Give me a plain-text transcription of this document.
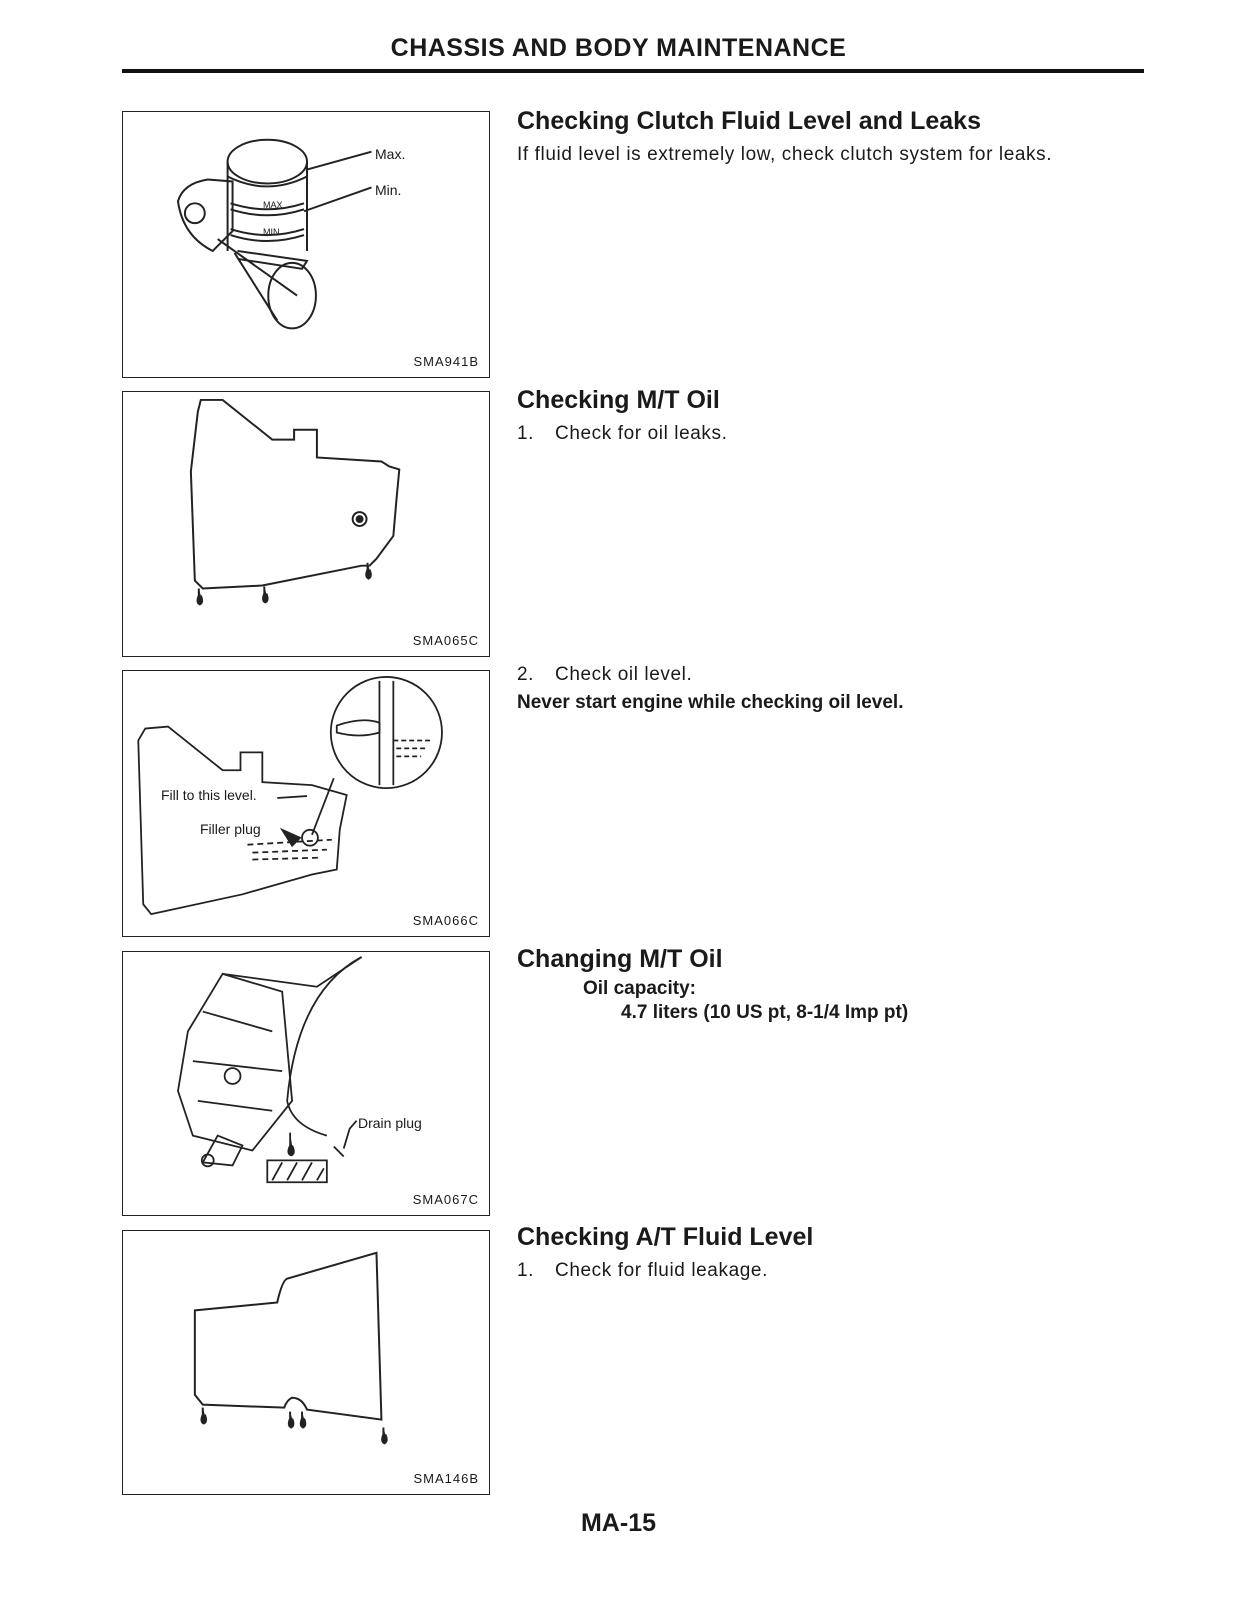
CHASSIS AND BODY MAINTENANCE
MAX
MIN
Max.
Min.
SMA941B
SMA065C
Fill to this level.
Filler plug
SMA066C
Drain plug
SMA067C
SMA146B
Checking Clutch Fluid Level and Leaks

If fluid level is extremely low, check clutch system for leaks.

Checking M/T Oil

1. Check for oil leaks.

2. Check oil level.

Never start engine while checking oil level.

Changing M/T Oil

Oil capacity:

4.7 liters (10 US pt, 8-1/4 Imp pt)

Checking A/T Fluid Level

1. Check for fluid leakage.

MA-15
